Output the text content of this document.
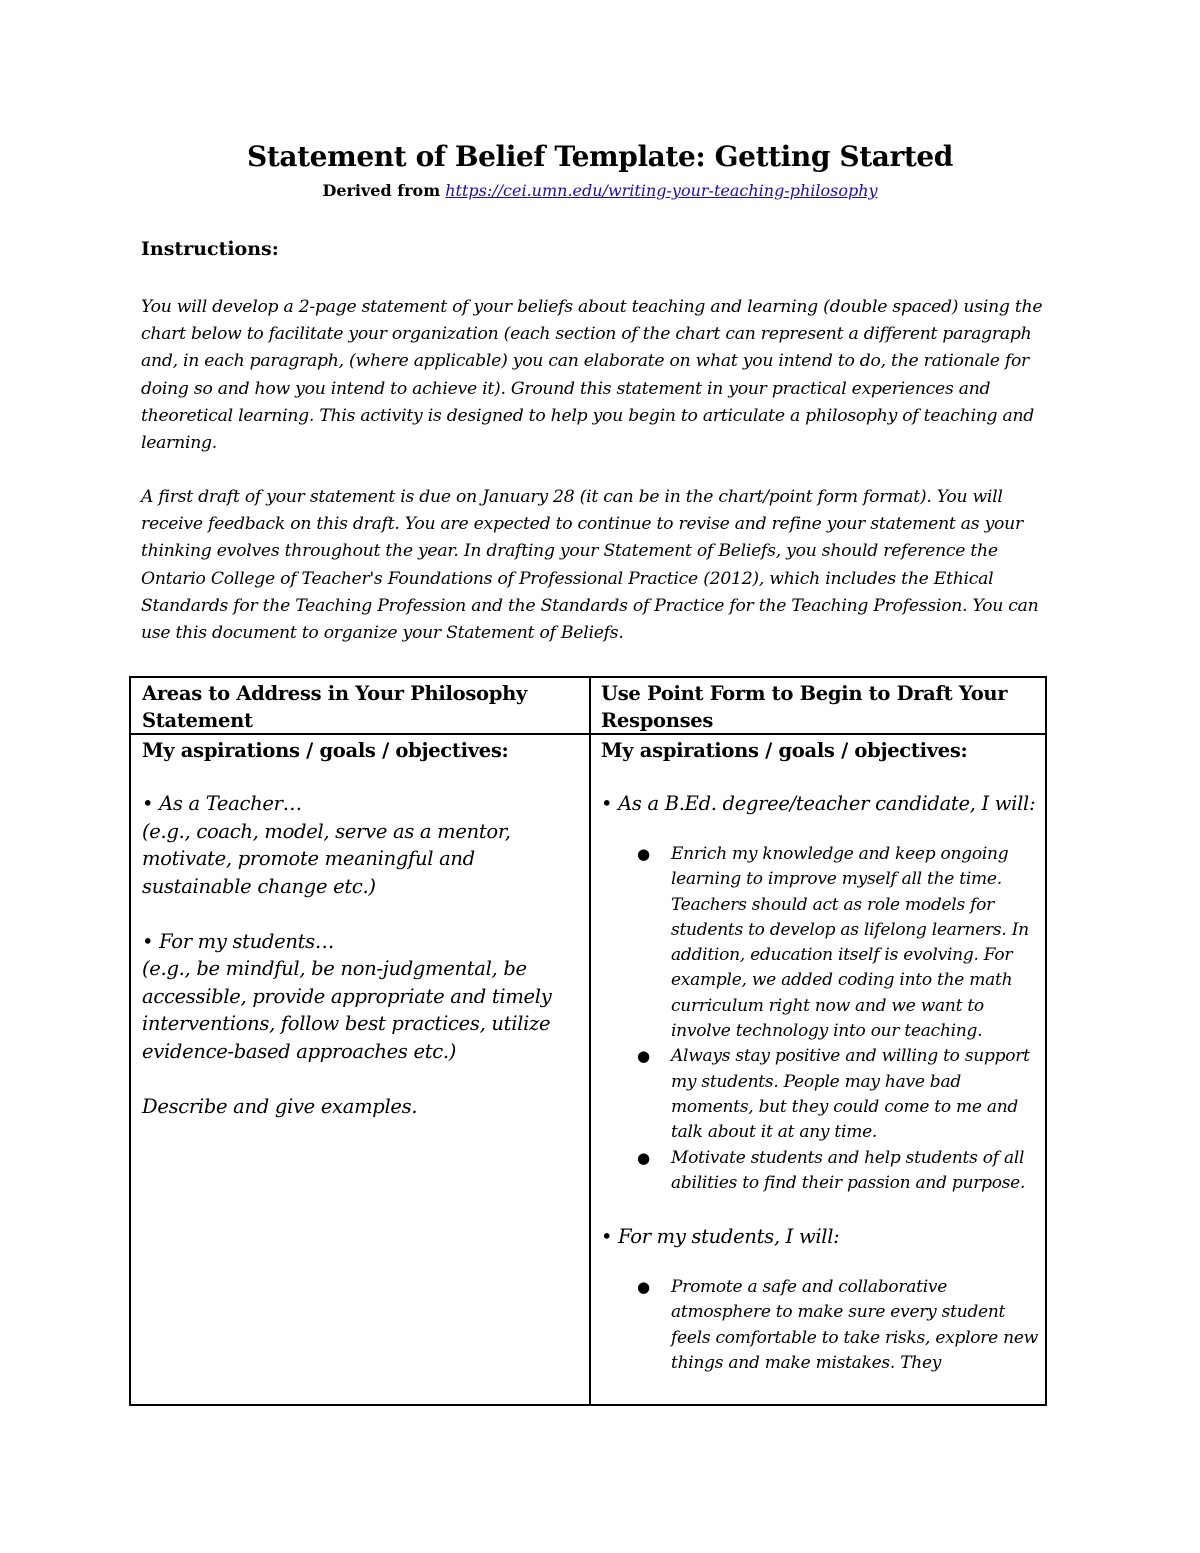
Statement of Belief Template: Getting Started
Derived from https://cei.umn.edu/writing-your-teaching-philosophy
Instructions:

You will develop a 2-page statement of your beliefs about teaching and learning (double spaced) using the chart below to facilitate your organization (each section of the chart can represent a different paragraph and, in each paragraph, (where applicable) you can elaborate on what you intend to do, the rationale for doing so and how you intend to achieve it). Ground this statement in your practical experiences and theoretical learning. This activity is designed to help you begin to articulate a philosophy of teaching and learning.

A first draft of your statement is due on January 28 (it can be in the chart/point form format). You will receive feedback on this draft. You are expected to continue to revise and refine your statement as your thinking evolves throughout the year. In drafting your Statement of Beliefs, you should reference the Ontario College of Teacher's Foundations of Professional Practice (2012), which includes the Ethical Standards for the Teaching Profession and the Standards of Practice for the Teaching Profession. You can use this document to organize your Statement of Beliefs.

Areas to Address in Your Philosophy Statement
Use Point Form to Begin to Draft Your Responses
My aspirations / goals / objectives:	My aspirations / goals / objectives:

• As a Teacher…

(e.g., coach, model, serve as a mentor, motivate, promote meaningful and sustainable change etc.)

• For my students…

(e.g., be mindful, be non-judgmental, be accessible, provide appropriate and timely interventions, follow best practices, utilize evidence-based approaches etc.)

Describe and give examples.

• As a B.Ed. degree/teacher candidate, I will:
● Enrich my knowledge and keep ongoing learning to improve myself all the time. Teachers should act as role models for students to develop as lifelong learners. In addition, education itself is evolving. For example, we added coding into the math curriculum right now and we want to involve technology into our teaching.
● Always stay positive and willing to support my students. People may have bad moments, but they could come to me and talk about it at any time.
● Motivate students and help students of all abilities to find their passion and purpose.
• For my students, I will:
● Promote a safe and collaborative atmosphere to make sure every student feels comfortable to take risks, explore new things and make mistakes. They
